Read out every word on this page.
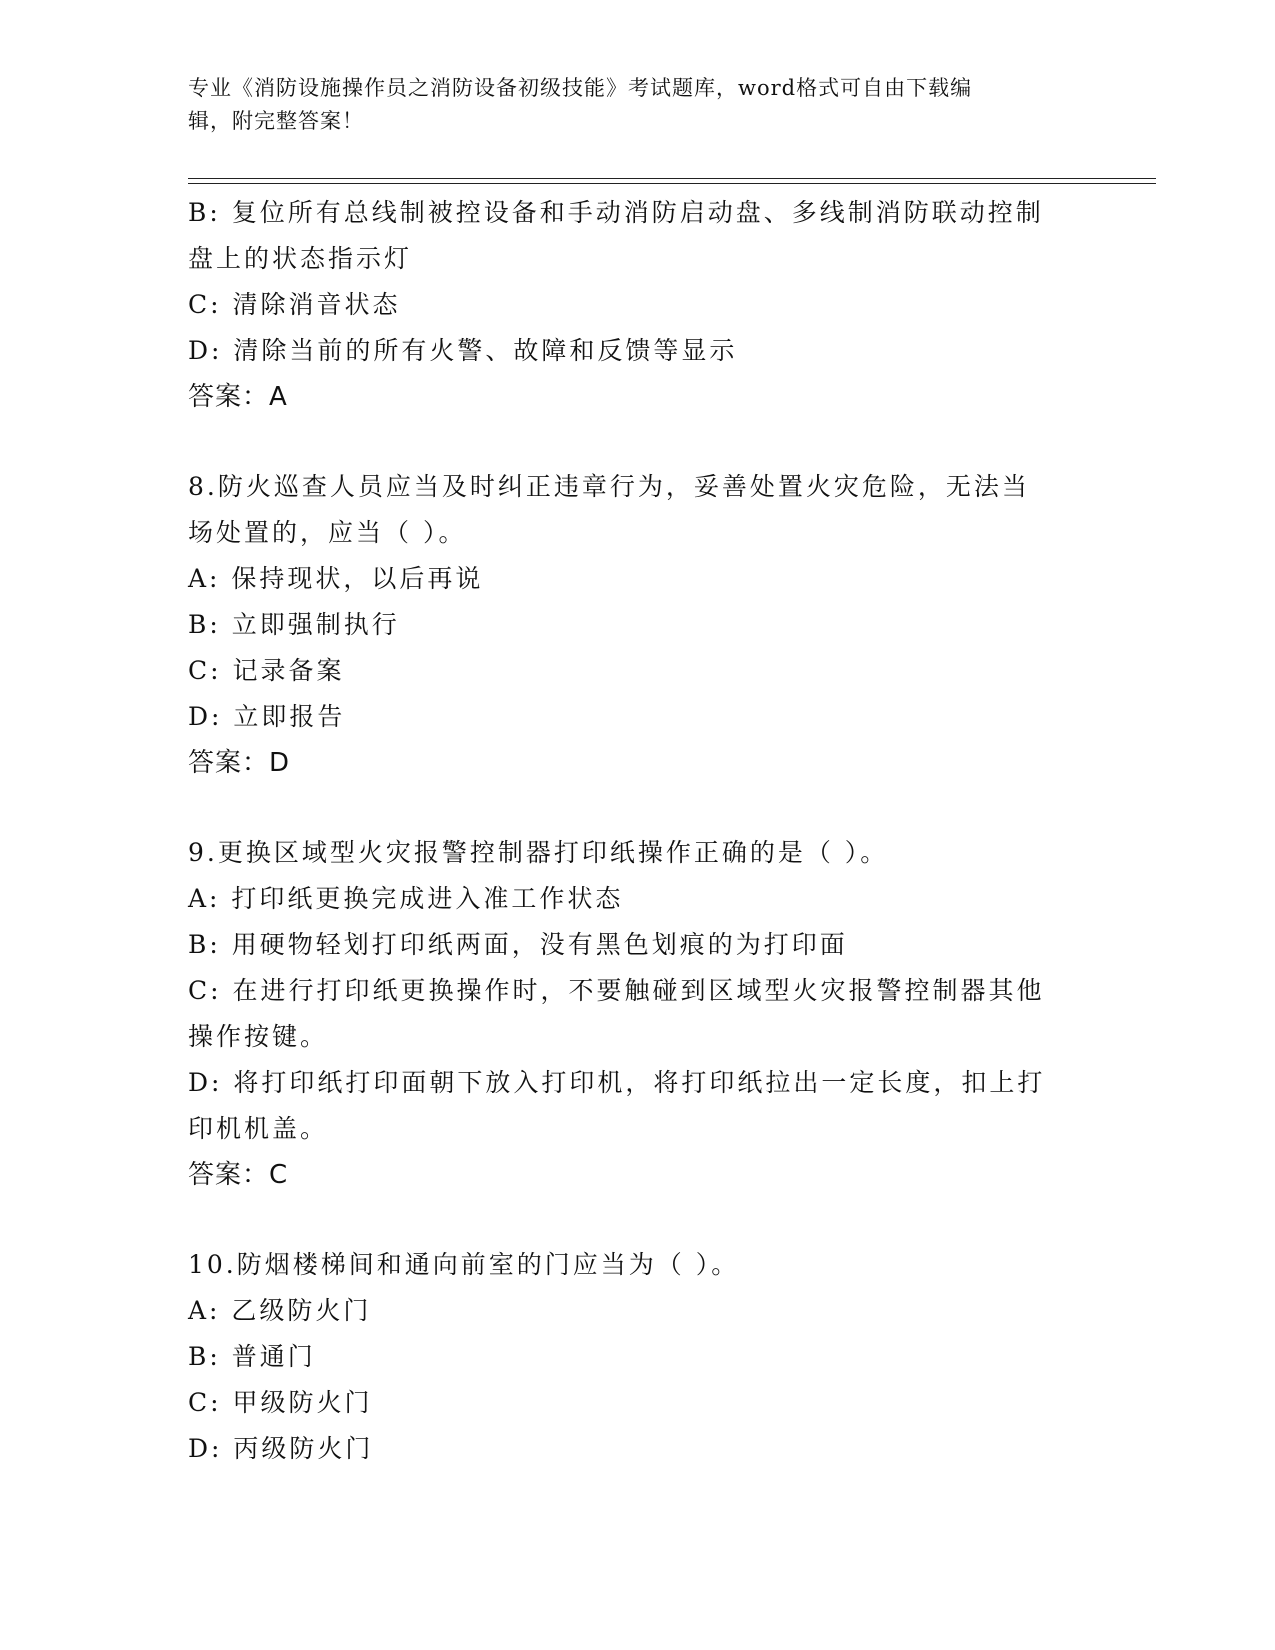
专业《消防设施操作员之消防设备初级技能》考试题库，word格式可自由下载编
辑，附完整答案！
B: 复位所有总线制被控设备和手动消防启动盘、多线制消防联动控制
盘上的状态指示灯
C: 清除消音状态
D: 清除当前的所有火警、故障和反馈等显示
答案：A
8.防火巡查人员应当及时纠正违章行为，妥善处置火灾危险，无法当
场处置的，应当（ ）。
A: 保持现状，以后再说
B: 立即强制执行
C: 记录备案
D: 立即报告
答案：D
9.更换区域型火灾报警控制器打印纸操作正确的是（ ）。
A: 打印纸更换完成进入准工作状态
B: 用硬物轻划打印纸两面，没有黑色划痕的为打印面
C: 在进行打印纸更换操作时，不要触碰到区域型火灾报警控制器其他
操作按键。
D: 将打印纸打印面朝下放入打印机，将打印纸拉出一定长度，扣上打
印机机盖。
答案：C
10.防烟楼梯间和通向前室的门应当为（ ）。
A: 乙级防火门
B: 普通门
C: 甲级防火门
D: 丙级防火门
